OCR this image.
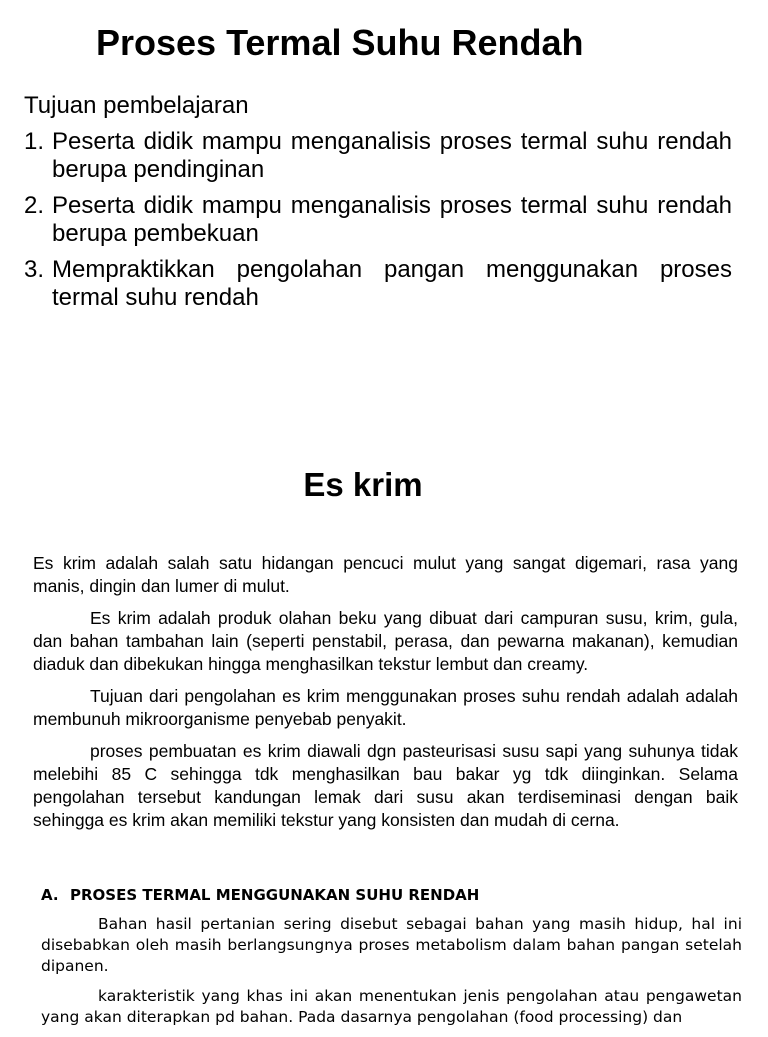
Proses Termal Suhu Rendah
Tujuan pembelajaran
1. Peserta didik mampu menganalisis proses termal suhu rendah berupa pendinginan
2. Peserta didik mampu menganalisis proses termal suhu rendah berupa pembekuan
3. Mempraktikkan pengolahan pangan menggunakan proses termal suhu rendah
Es krim

Es krim adalah salah satu hidangan pencuci mulut yang sangat digemari, rasa yang manis, dingin dan lumer di mulut.

Es krim adalah produk olahan beku yang dibuat dari campuran susu, krim, gula, dan bahan tambahan lain (seperti penstabil, perasa, dan pewarna makanan), kemudian diaduk dan dibekukan hingga menghasilkan tekstur lembut dan creamy.

Tujuan dari pengolahan es krim menggunakan proses suhu rendah adalah adalah membunuh mikroorganisme penyebab penyakit.

proses pembuatan es krim diawali dgn pasteurisasi susu sapi yang suhunya tidak melebihi 85 C sehingga tdk menghasilkan bau bakar yg tdk diinginkan. Selama pengolahan tersebut kandungan lemak dari susu akan terdiseminasi dengan baik sehingga es krim akan memiliki tekstur yang konsisten dan mudah di cerna.

A. PROSES TERMAL MENGGUNAKAN SUHU RENDAH

Bahan hasil pertanian sering disebut sebagai bahan yang masih hidup, hal ini disebabkan oleh masih berlangsungnya proses metabolism dalam bahan pangan setelah dipanen.

karakteristik yang khas ini akan menentukan jenis pengolahan atau pengawetan yang akan diterapkan pd bahan. Pada dasarnya pengolahan (food processing) dan
